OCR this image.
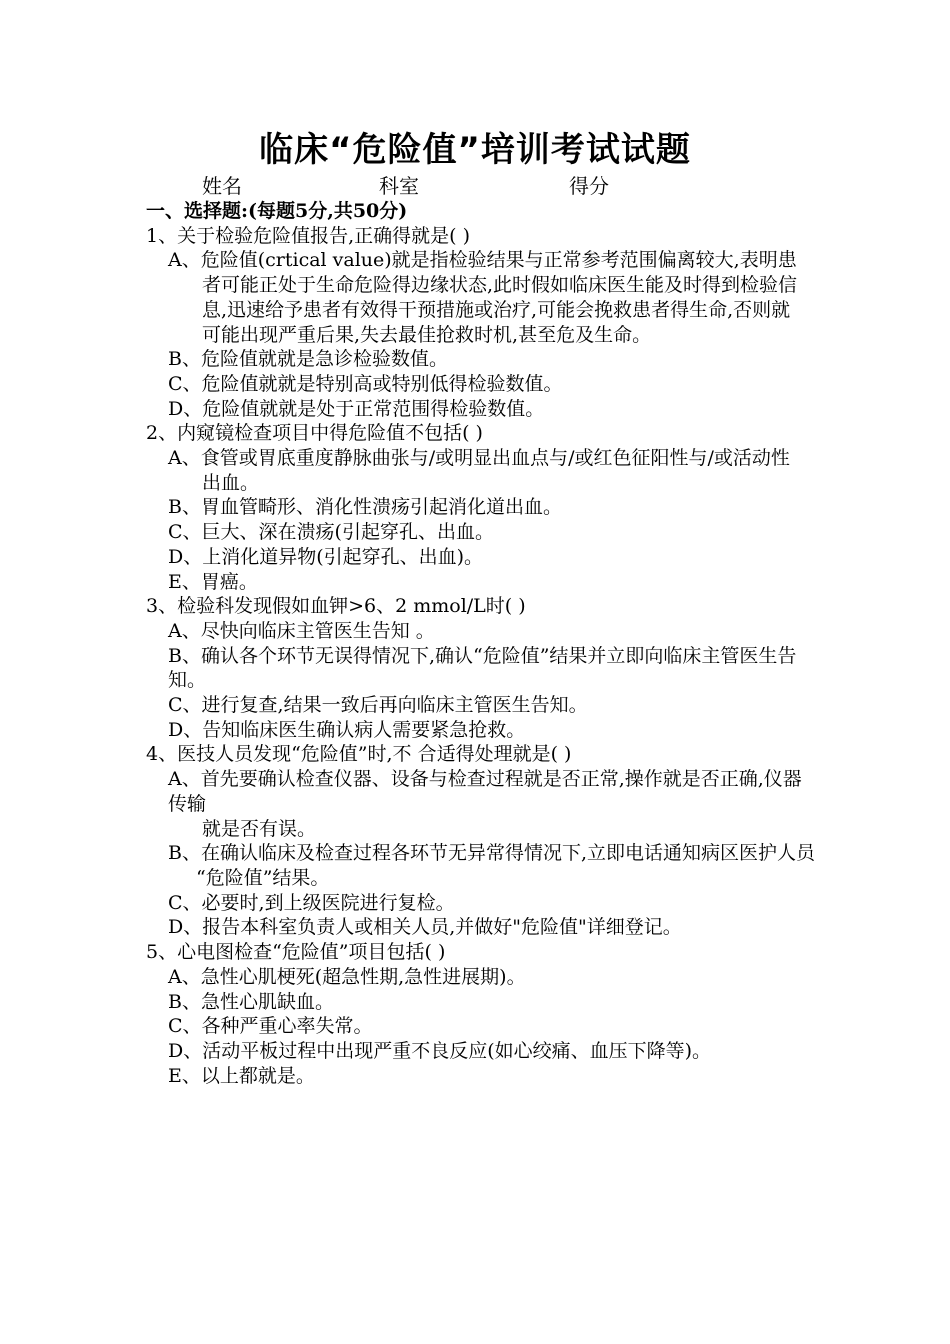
临床“危险值”培训考试试题
姓名	科室	得分
一、选择题:(每题5分,共50分)
1、关于检验危险值报告,正确得就是( )
A、危险值(crtical value)就是指检验结果与正常参考范围偏离较大,表明患
者可能正处于生命危险得边缘状态,此时假如临床医生能及时得到检验信
息,迅速给予患者有效得干预措施或治疗,可能会挽救患者得生命,否则就
可能出现严重后果,失去最佳抢救时机,甚至危及生命。
B、危险值就就是急诊检验数值。
C、危险值就就是特别高或特别低得检验数值。
D、危险值就就是处于正常范围得检验数值。
2、内窥镜检查项目中得危险值不包括( )
A、食管或胃底重度静脉曲张与/或明显出血点与/或红色征阳性与/或活动性
出血。
B、胃血管畸形、消化性溃疡引起消化道出血。
C、巨大、深在溃疡(引起穿孔、出血。
D、上消化道异物(引起穿孔、出血)。
E、胃癌。
3、检验科发现假如血钾>6、2 mmol/L时( )
A、尽快向临床主管医生告知 。
B、确认各个环节无误得情况下,确认“危险值”结果并立即向临床主管医生告知。
C、进行复查,结果一致后再向临床主管医生告知。
D、告知临床医生确认病人需要紧急抢救。
4、医技人员发现“危险值”时,不 合适得处理就是( )
A、首先要确认检查仪器、设备与检查过程就是否正常,操作就是否正确,仪器传输
就是否有误。
B、在确认临床及检查过程各环节无异常得情况下,立即电话通知病区医护人员
“危险值”结果。
C、必要时,到上级医院进行复检。
D、报告本科室负责人或相关人员,并做好"危险值"详细登记。
5、心电图检查“危险值”项目包括( )
A、急性心肌梗死(超急性期,急性进展期)。
B、急性心肌缺血。
C、各种严重心率失常。
D、活动平板过程中出现严重不良反应(如心绞痛、血压下降等)。
E、以上都就是。
